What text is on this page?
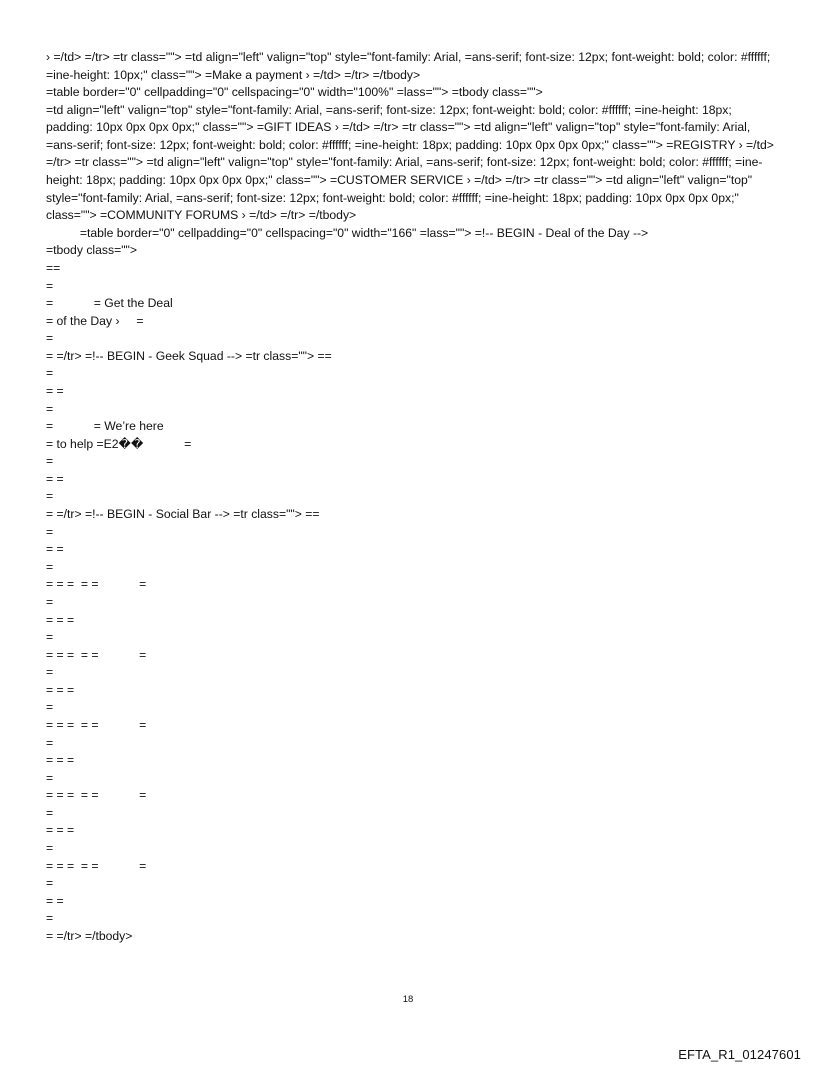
› =/td> =/tr> =tr class=""> =td align="left" valign="top" style="font-family: Arial, =ans-serif; font-size: 12px; font-weight: bold; color: #ffffff; =ine-height: 10px;" class=""> =Make a payment › =/td> =/tr> =/tbody>
=table border="0" cellpadding="0" cellspacing="0" width="100%" =lass=""> =tbody class="">
=td align="left" valign="top" style="font-family: Arial, =ans-serif; font-size: 12px; font-weight: bold; color: #ffffff; =ine-height: 18px; padding: 10px 0px 0px 0px;" class=""> =GIFT IDEAS › =/td> =/tr> =tr class=""> =td align="left" valign="top" style="font-family: Arial, =ans-serif; font-size: 12px; font-weight: bold; color: #ffffff; =ine-height: 18px; padding: 10px 0px 0px 0px;" class=""> =REGISTRY › =/td> =/tr> =tr class=""> =td align="left" valign="top" style="font-family: Arial, =ans-serif; font-size: 12px; font-weight: bold; color: #ffffff; =ine-height: 18px; padding: 10px 0px 0px 0px;" class=""> =CUSTOMER SERVICE › =/td> =/tr> =tr class=""> =td align="left" valign="top" style="font-family: Arial, =ans-serif; font-size: 12px; font-weight: bold; color: #ffffff; =ine-height: 18px; padding: 10px 0px 0px 0px;" class=""> =COMMUNITY FORUMS › =/td> =/tr> =/tbody>
=table border="0" cellpadding="0" cellspacing="0" width="166" =lass=""> =!-- BEGIN - Deal of the Day -->
=tbody class="">
==
=
=            = Get the Deal
= of the Day ›     =
=
= =/tr> =!-- BEGIN - Geek Squad --> =tr class=""> ==
=
= =
=
=            = We’re here
= to help =E2��            =
=
= =
=
= =/tr> =!-- BEGIN - Social Bar --> =tr class=""> ==
=
= =
=
= = =  = =            =
=
= = =
=
= = =  = =            =
=
= = =
=
= = =  = =            =
=
= = =
=
= = =  = =            =
=
= = =
=
= = =  = =            =
=
= =
=
= =/tr> =/tbody>
18
EFTA_R1_01247601
